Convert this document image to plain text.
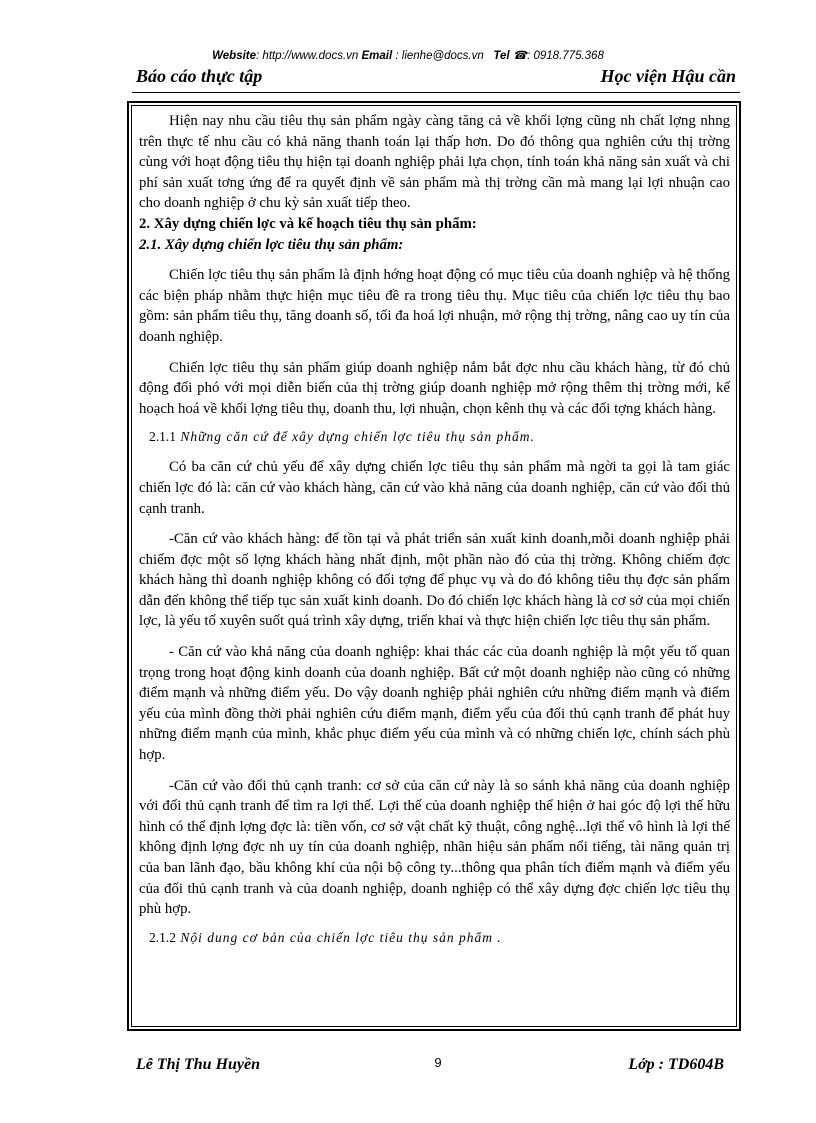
Website: http://www.docs.vn Email : lienhe@docs.vn Tel ☎: 0918.775.368
Báo cáo thực tập	Học viện Hậu cần

Hiện nay nhu cầu tiêu thụ sản phẩm ngày càng tăng cả về khối lợng cũng nh chất lợng nhng trên thực tế nhu cầu có khả năng thanh toán lại thấp hơn. Do đó thông qua nghiên cứu thị trờng cùng với hoạt động tiêu thụ hiện tại doanh nghiệp phải lựa chọn, tính toán khả năng sản xuất và chi phí sản xuất tơng ứng để ra quyết định về sản phẩm mà thị trờng cần mà mang lại lợi nhuận cao cho doanh nghiệp ở chu kỳ sản xuất tiếp theo.

2. Xây dựng chiến lợc và kế hoạch tiêu thụ sản phẩm:
2.1. Xây dựng chiến lợc tiêu thụ sản phẩm:

Chiến lợc tiêu thụ sản phẩm là định hớng hoạt động có mục tiêu của doanh nghiệp và hệ thống các biện pháp nhằm thực hiện mục tiêu đề ra trong tiêu thụ. Mục tiêu của chiến lợc tiêu thụ bao gồm: sản phẩm tiêu thụ, tăng doanh số, tối đa hoá lợi nhuận, mở rộng thị trờng, nâng cao uy tín của doanh nghiệp.

Chiến lợc tiêu thụ sản phẩm giúp doanh nghiệp nắm bắt đợc nhu cầu khách hàng, từ đó chủ động đối phó với mọi diễn biến của thị trờng giúp doanh nghiệp mở rộng thêm thị trờng mới, kế hoạch hoá về khối lợng tiêu thụ, doanh thu, lợi nhuận, chọn kênh thụ và các đối tợng khách hàng.

2.1.1 Những căn cứ để xây dựng chiến lợc tiêu thụ sản phẩm.

Có ba căn cứ chủ yếu để xây dựng chiến lợc tiêu thụ sản phẩm mà ngời ta gọi là tam giác chiến lợc đó là: căn cứ vào khách hàng, căn cứ vào khả năng của doanh nghiệp, căn cứ vào đối thủ cạnh tranh.

-Căn cứ vào khách hàng: để tồn tại và phát triển sản xuất kinh doanh,mỗi doanh nghiệp phải chiếm đợc một số lợng khách hàng nhất định, một phần nào đó của thị trờng. Không chiếm đợc khách hàng thì doanh nghiệp không có đối tợng để phục vụ và do đó không tiêu thụ đợc sản phẩm dẫn đến không thể tiếp tục sản xuất kinh doanh. Do đó chiến lợc khách hàng là cơ sở của mọi chiến lợc, là yếu tố xuyên suốt quá trình xây dựng, triển khai và thực hiện chiến lợc tiêu thụ sản phẩm.

- Căn cứ vào khả năng của doanh nghiệp: khai thác các của doanh nghiệp là một yếu tố quan trọng trong hoạt động kinh doanh của doanh nghiệp. Bất cứ một doanh nghiệp nào cũng có những điểm mạnh và những điểm yếu. Do vậy doanh nghiệp phải nghiên cứu những điểm mạnh và điểm yếu của mình đồng thời phải nghiên cứu điểm mạnh, điểm yếu của đối thủ cạnh tranh để phát huy những điểm mạnh của mình, khắc phục điểm yếu của mình và có những chiến lợc, chính sách phù hợp.

-Căn cứ vào đối thủ cạnh tranh: cơ sở của căn cứ này là so sánh khả năng của doanh nghiệp với đối thủ cạnh tranh để tìm ra lợi thế. Lợi thế của doanh nghiệp thể hiện ở hai góc độ lợi thế hữu hình có thể định lợng đợc là: tiền vốn, cơ sở vật chất kỹ thuật, công nghệ...lợi thế vô hình là lợi thế không định lợng đợc nh uy tín của doanh nghiệp, nhãn hiệu sản phẩm nổi tiếng, tài năng quản trị của ban lãnh đạo, bầu không khí của nội bộ công ty...thông qua phân tích điểm mạnh và điểm yếu của đối thủ cạnh tranh và của doanh nghiệp, doanh nghiệp có thể xây dựng đợc chiến lợc tiêu thụ phù hợp.

2.1.2 Nội dung cơ bản của chiến lợc tiêu thụ sản phẩm .
Lê Thị Thu Huyền	9	Lớp : TD604B
